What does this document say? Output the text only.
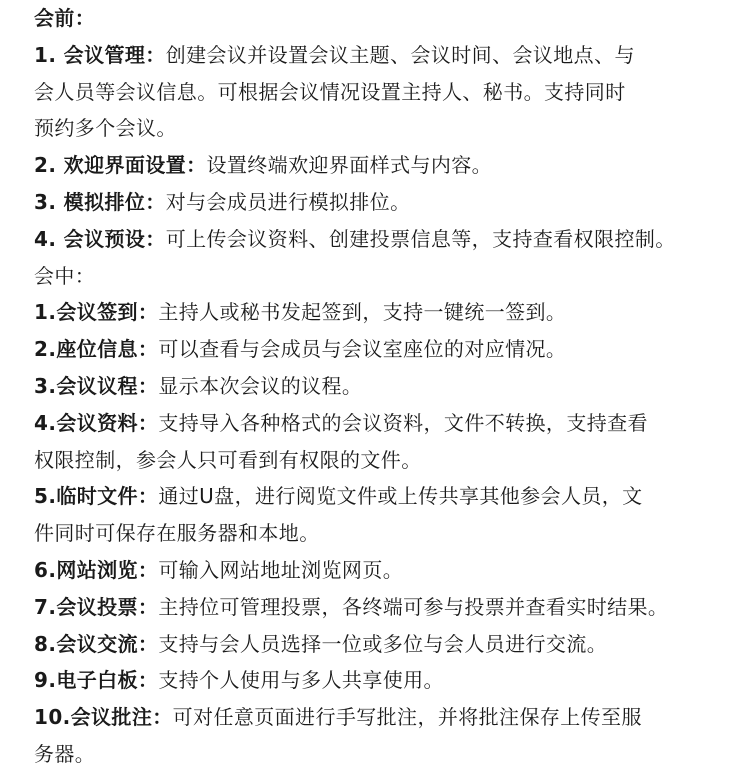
会前：

1. 会议管理：创建会议并设置会议主题、会议时间、会议地点、与
会人员等会议信息。可根据会议情况设置主持人、秘书。支持同时
预约多个会议。
2. 欢迎界面设置：设置终端欢迎界面样式与内容。
3. 模拟排位：对与会成员进行模拟排位。
4. 会议预设：可上传会议资料、创建投票信息等，支持查看权限控制。

会中：

1.会议签到：主持人或秘书发起签到，支持一键统一签到。
2.座位信息：可以查看与会成员与会议室座位的对应情况。
3.会议议程：显示本次会议的议程。
4.会议资料：支持导入各种格式的会议资料，文件不转换，支持查看
权限控制，参会人只可看到有权限的文件。
5.临时文件：通过U盘，进行阅览文件或上传共享其他参会人员，文
件同时可保存在服务器和本地。
6.网站浏览：可输入网站地址浏览网页。
7.会议投票：主持位可管理投票，各终端可参与投票并查看实时结果。
8.会议交流：支持与会人员选择一位或多位与会人员进行交流。
9.电子白板：支持个人使用与多人共享使用。
10.会议批注：可对任意页面进行手写批注，并将批注保存上传至服
务器。
